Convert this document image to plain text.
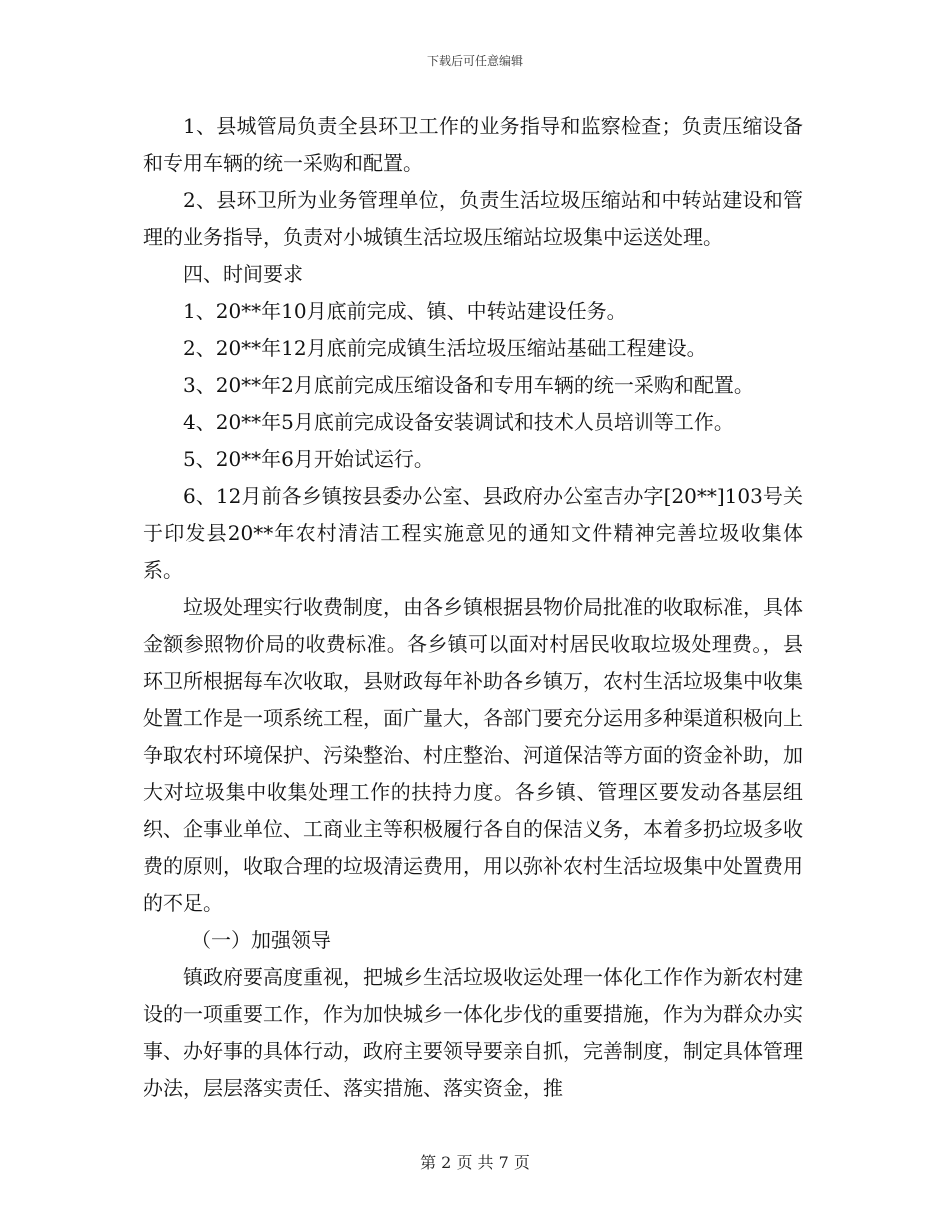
下载后可任意编辑

1、县城管局负责全县环卫工作的业务指导和监察检查；负责压缩设备和专用车辆的统一采购和配置。

2、县环卫所为业务管理单位，负责生活垃圾压缩站和中转站建设和管理的业务指导，负责对小城镇生活垃圾压缩站垃圾集中运送处理。

四、时间要求

1、20**年10月底前完成、镇、中转站建设任务。

2、20**年12月底前完成镇生活垃圾压缩站基础工程建设。

3、20**年2月底前完成压缩设备和专用车辆的统一采购和配置。

4、20**年5月底前完成设备安装调试和技术人员培训等工作。

5、20**年6月开始试运行。

6、12月前各乡镇按县委办公室、县政府办公室吉办字[20**]103号关于印发县20**年农村清洁工程实施意见的通知文件精神完善垃圾收集体系。

垃圾处理实行收费制度，由各乡镇根据县物价局批准的收取标准，具体金额参照物价局的收费标准。各乡镇可以面对村居民收取垃圾处理费。，县环卫所根据每车次收取，县财政每年补助各乡镇万，农村生活垃圾集中收集处置工作是一项系统工程，面广量大，各部门要充分运用多种渠道积极向上争取农村环境保护、污染整治、村庄整治、河道保洁等方面的资金补助，加大对垃圾集中收集处理工作的扶持力度。各乡镇、管理区要发动各基层组织、企事业单位、工商业主等积极履行各自的保洁义务，本着多扔垃圾多收费的原则，收取合理的垃圾清运费用，用以弥补农村生活垃圾集中处置费用的不足。

（一）加强领导

镇政府要高度重视，把城乡生活垃圾收运处理一体化工作作为新农村建设的一项重要工作，作为加快城乡一体化步伐的重要措施，作为为群众办实事、办好事的具体行动，政府主要领导要亲自抓，完善制度，制定具体管理办法，层层落实责任、落实措施、落实资金，推

第 2 页 共 7 页
